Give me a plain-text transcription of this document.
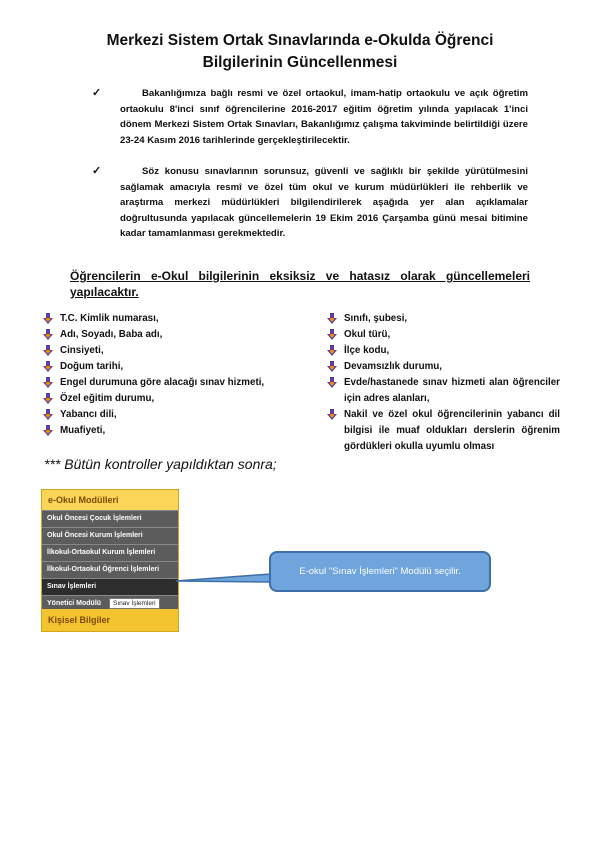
Merkezi Sistem Ortak Sınavlarında e-Okulda Öğrenci
Bilgilerinin Güncellenmesi
✓	Bakanlığımıza bağlı resmi ve özel ortaokul, imam-hatip ortaokulu ve açık öğretim ortaokulu 8'inci sınıf öğrencilerine 2016-2017 eğitim öğretim yılında yapılacak 1'inci dönem Merkezi Sistem Ortak Sınavları, Bakanlığımız çalışma takviminde belirtildiği üzere 23-24 Kasım 2016 tarihlerinde gerçekleştirilecektir.
✓	Söz konusu sınavlarının sorunsuz, güvenli ve sağlıklı bir şekilde yürütülmesini sağlamak amacıyla resmî ve özel tüm okul ve kurum müdürlükleri ile rehberlik ve araştırma merkezi müdürlükleri bilgilendirilerek aşağıda yer alan açıklamalar doğrultusunda yapılacak güncellemelerin 19 Ekim 2016 Çarşamba günü mesai bitimine kadar tamamlanması gerekmektedir.
Öğrencilerin e-Okul bilgilerinin eksiksiz ve hatasız olarak güncellemeleri yapılacaktır.
T.C. Kimlik numarası,
Adı, Soyadı, Baba adı,
Cinsiyeti,
Doğum tarihi,
Engel durumuna göre alacağı sınav hizmeti,
Özel eğitim durumu,
Yabancı dili,
Muafiyeti,
Sınıfı, şubesi,
Okul türü,
İlçe kodu,
Devamsızlık durumu,
Evde/hastanede sınav hizmeti alan öğrenciler için adres alanları,
Nakil ve özel okul öğrencilerinin yabancı dil bilgisi ile muaf oldukları derslerin öğrenim gördükleri okulla uyumlu olması
*** Bütün kontroller yapıldıktan sonra;
e-Okul Modülleri
Okul Öncesi Çocuk İşlemleri
Okul Öncesi Kurum İşlemleri
İlkokul-Ortaokul Kurum İşlemleri
İlkokul-Ortaokul Öğrenci İşlemleri
Sınav İşlemleri
Yönetici Modülü
Kişisel Bilgiler
Sınav İşlemleri
E-okul "Sınav İşlemleri" Modülü seçilir.
